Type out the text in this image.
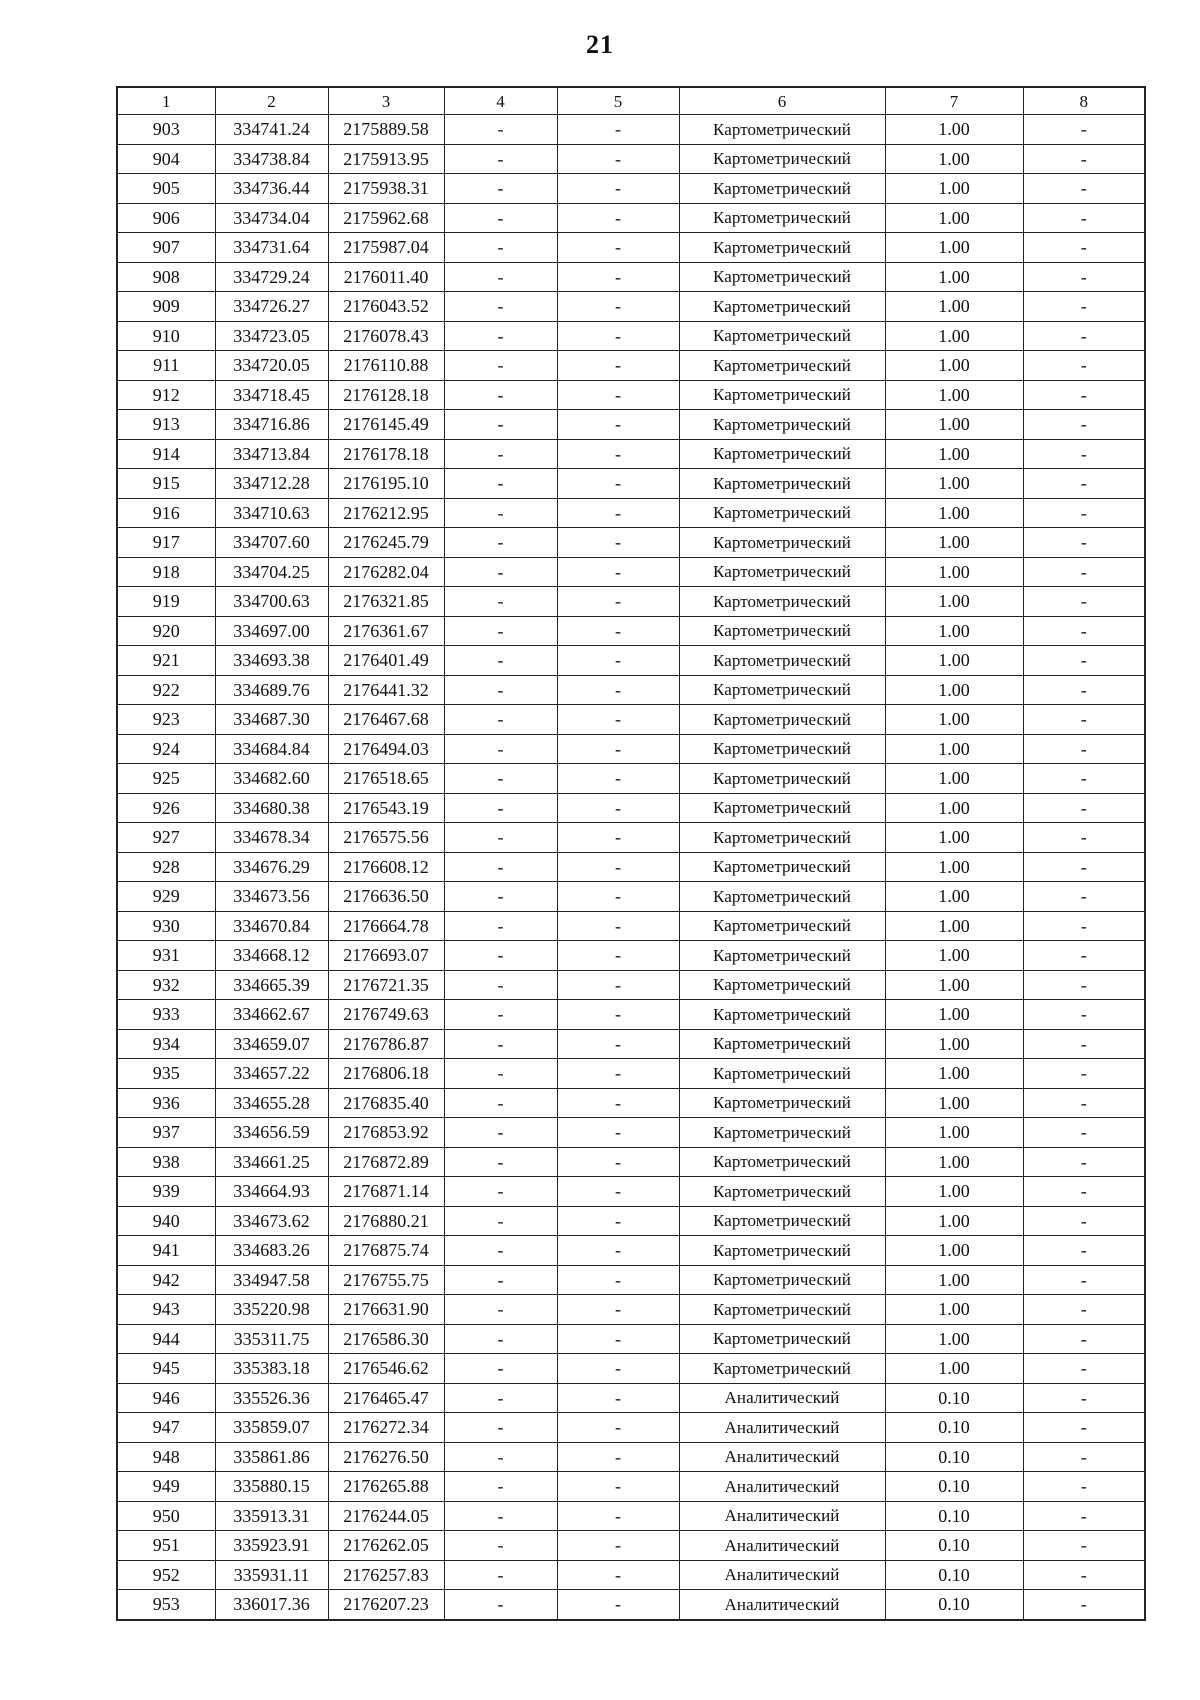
21
1	2	3	4	5	6	7	8
903	334741.24	2175889.58	-	-	Картометрический	1.00	-
904	334738.84	2175913.95	-	-	Картометрический	1.00	-
905	334736.44	2175938.31	-	-	Картометрический	1.00	-
906	334734.04	2175962.68	-	-	Картометрический	1.00	-
907	334731.64	2175987.04	-	-	Картометрический	1.00	-
908	334729.24	2176011.40	-	-	Картометрический	1.00	-
909	334726.27	2176043.52	-	-	Картометрический	1.00	-
910	334723.05	2176078.43	-	-	Картометрический	1.00	-
911	334720.05	2176110.88	-	-	Картометрический	1.00	-
912	334718.45	2176128.18	-	-	Картометрический	1.00	-
913	334716.86	2176145.49	-	-	Картометрический	1.00	-
914	334713.84	2176178.18	-	-	Картометрический	1.00	-
915	334712.28	2176195.10	-	-	Картометрический	1.00	-
916	334710.63	2176212.95	-	-	Картометрический	1.00	-
917	334707.60	2176245.79	-	-	Картометрический	1.00	-
918	334704.25	2176282.04	-	-	Картометрический	1.00	-
919	334700.63	2176321.85	-	-	Картометрический	1.00	-
920	334697.00	2176361.67	-	-	Картометрический	1.00	-
921	334693.38	2176401.49	-	-	Картометрический	1.00	-
922	334689.76	2176441.32	-	-	Картометрический	1.00	-
923	334687.30	2176467.68	-	-	Картометрический	1.00	-
924	334684.84	2176494.03	-	-	Картометрический	1.00	-
925	334682.60	2176518.65	-	-	Картометрический	1.00	-
926	334680.38	2176543.19	-	-	Картометрический	1.00	-
927	334678.34	2176575.56	-	-	Картометрический	1.00	-
928	334676.29	2176608.12	-	-	Картометрический	1.00	-
929	334673.56	2176636.50	-	-	Картометрический	1.00	-
930	334670.84	2176664.78	-	-	Картометрический	1.00	-
931	334668.12	2176693.07	-	-	Картометрический	1.00	-
932	334665.39	2176721.35	-	-	Картометрический	1.00	-
933	334662.67	2176749.63	-	-	Картометрический	1.00	-
934	334659.07	2176786.87	-	-	Картометрический	1.00	-
935	334657.22	2176806.18	-	-	Картометрический	1.00	-
936	334655.28	2176835.40	-	-	Картометрический	1.00	-
937	334656.59	2176853.92	-	-	Картометрический	1.00	-
938	334661.25	2176872.89	-	-	Картометрический	1.00	-
939	334664.93	2176871.14	-	-	Картометрический	1.00	-
940	334673.62	2176880.21	-	-	Картометрический	1.00	-
941	334683.26	2176875.74	-	-	Картометрический	1.00	-
942	334947.58	2176755.75	-	-	Картометрический	1.00	-
943	335220.98	2176631.90	-	-	Картометрический	1.00	-
944	335311.75	2176586.30	-	-	Картометрический	1.00	-
945	335383.18	2176546.62	-	-	Картометрический	1.00	-
946	335526.36	2176465.47	-	-	Аналитический	0.10	-
947	335859.07	2176272.34	-	-	Аналитический	0.10	-
948	335861.86	2176276.50	-	-	Аналитический	0.10	-
949	335880.15	2176265.88	-	-	Аналитический	0.10	-
950	335913.31	2176244.05	-	-	Аналитический	0.10	-
951	335923.91	2176262.05	-	-	Аналитический	0.10	-
952	335931.11	2176257.83	-	-	Аналитический	0.10	-
953	336017.36	2176207.23	-	-	Аналитический	0.10	-
